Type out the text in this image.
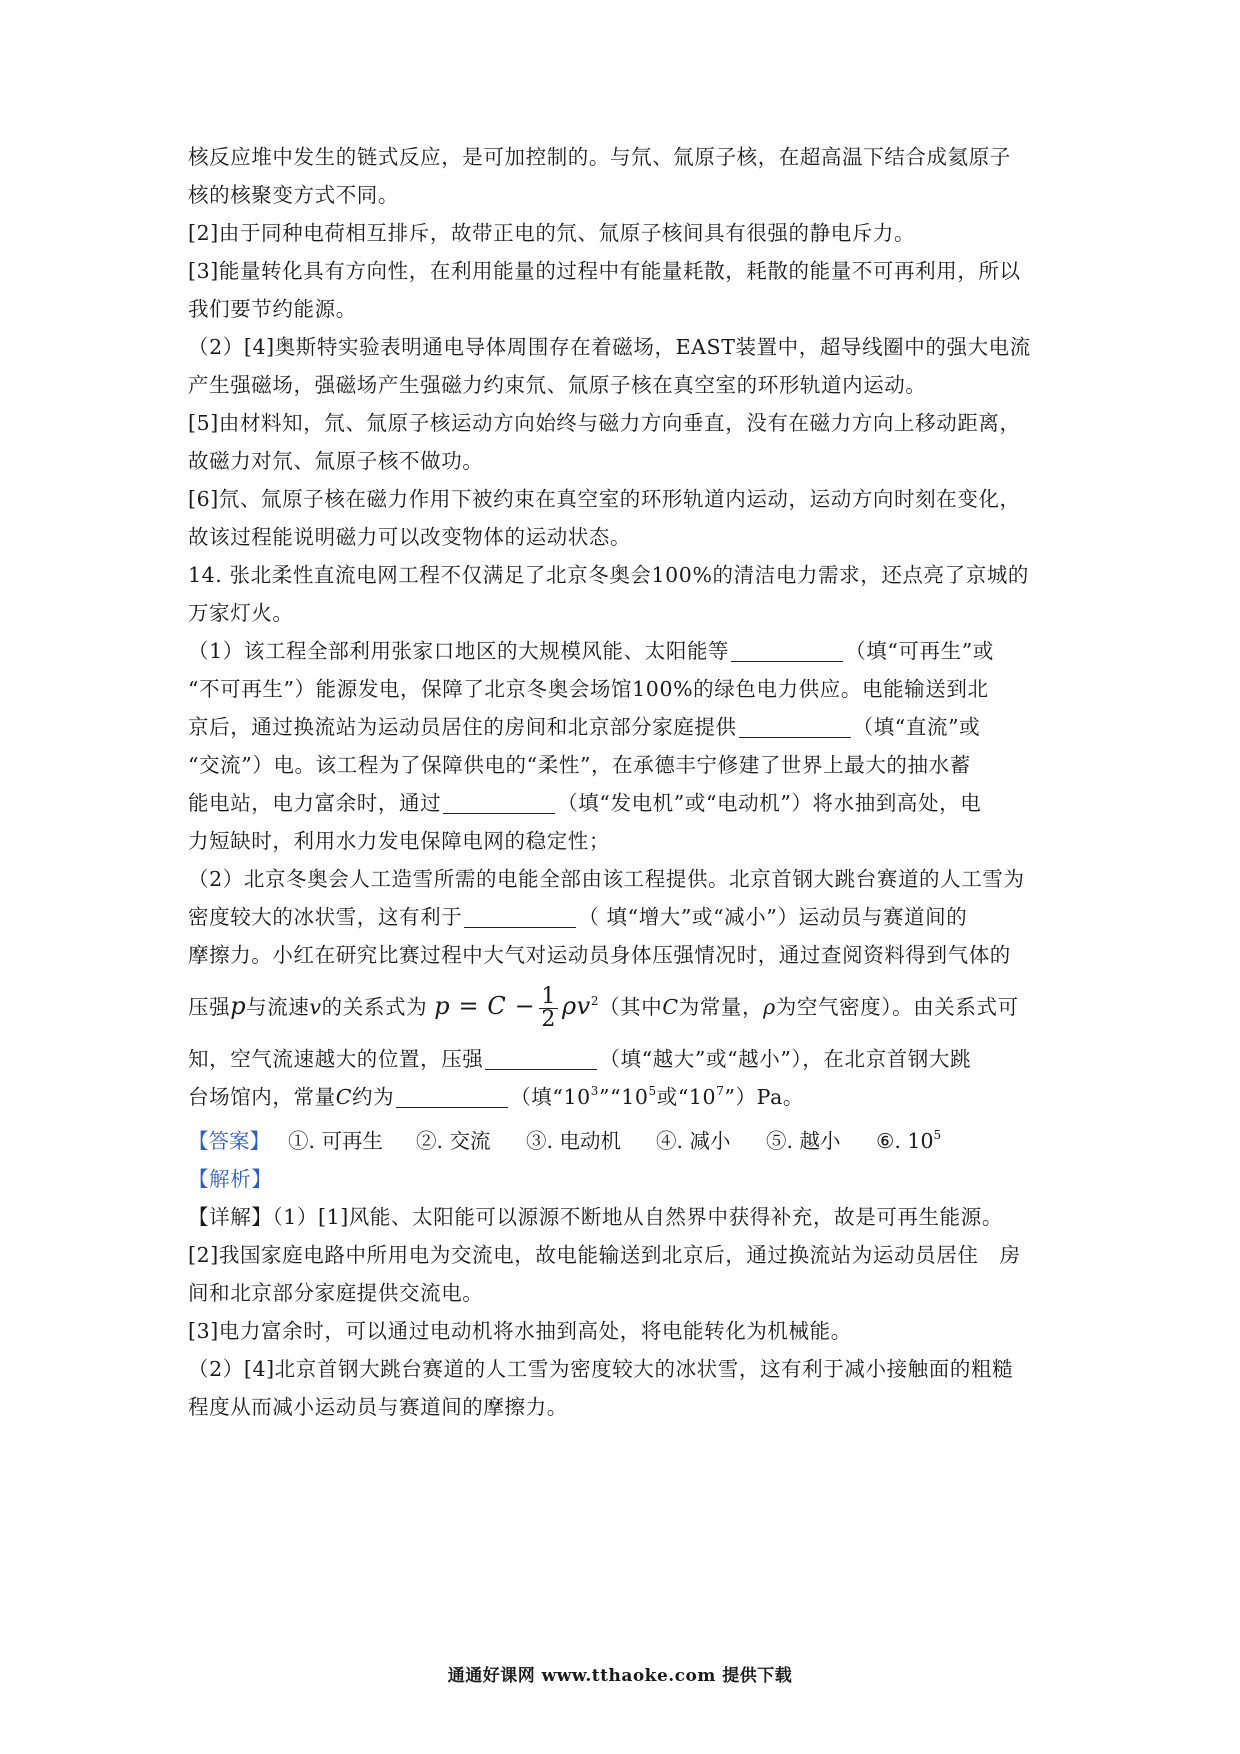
核反应堆中发生的链式反应，是可加控制的。与氘、氚原子核，在超高温下结合成氦原子
核的核聚变方式不同。
[2]由于同种电荷相互排斥，故带正电的氘、氚原子核间具有很强的静电斥力。
[3]能量转化具有方向性，在利用能量的过程中有能量耗散，耗散的能量不可再利用，所以
我们要节约能源。
（2）[4]奥斯特实验表明通电导体周围存在着磁场，EAST装置中，超导线圈中的强大电流
产生强磁场，强磁场产生强磁力约束氘、氚原子核在真空室的环形轨道内运动。
[5]由材料知，氘、氚原子核运动方向始终与磁力方向垂直，没有在磁力方向上移动距离，
故磁力对氘、氚原子核不做功。
[6]氘、氚原子核在磁力作用下被约束在真空室的环形轨道内运动，运动方向时刻在变化，
故该过程能说明磁力可以改变物体的运动状态。
14. 张北柔性直流电网工程不仅满足了北京冬奥会100%的清洁电力需求，还点亮了京城的
万家灯火。
（1）该工程全部利用张家口地区的大规模风能、太阳能等	（填“可再生”或
“不可再生”）能源发电，保障了北京冬奥会场馆100%的绿色电力供应。电能输送到北
京后，通过换流站为运动员居住的房间和北京部分家庭提供	（填“直流”或
“交流”）电。该工程为了保障供电的“柔性”，在承德丰宁修建了世界上最大的抽水蓄
能电站，电力富余时，通过	（填“发电机”或“电动机”）将水抽到高处，电
力短缺时，利用水力发电保障电网的稳定性；
（2）北京冬奥会人工造雪所需的电能全部由该工程提供。北京首钢大跳台赛道的人工雪为
密度较大的冰状雪，这有利于	（ 填“增大”或“减小”）运动员与赛道间的
摩擦力。小红在研究比赛过程中大气对运动员身体压强情况时，通过查阅资料得到气体的
压强p与流速v的关系式为 $p = C - \frac{1}{2} \rho v^2$（其中C为常量，ρ为空气密度）。由关系式可
知，空气流速越大的位置，压强	（填“越大”或“越小”），在北京首钢大跳
台场馆内，常量C约为	（填“$10^3”“10^5$或“$10^7”)Pa$。
【答案】 ①. 可再生 ②. 交流 ③. 电动机 ④. 减小 ⑤. 越小 ⑥. $10^5$
【解析】
【详解】（1）[1]风能、太阳能可以源源不断地从自然界中获得补充，故是可再生能源。
[2]我国家庭电路中所用电为交流电，故电能输送到北京后，通过换流站为运动员居住　房
间和北京部分家庭提供交流电。
[3]电力富余时，可以通过电动机将水抽到高处，将电能转化为机械能。
（2）[4]北京首钢大跳台赛道的人工雪为密度较大的冰状雪，这有利于减小接触面的粗糙
程度从而减小运动员与赛道间的摩擦力。
通通好课网 www.tthaoke.com 提供下载
